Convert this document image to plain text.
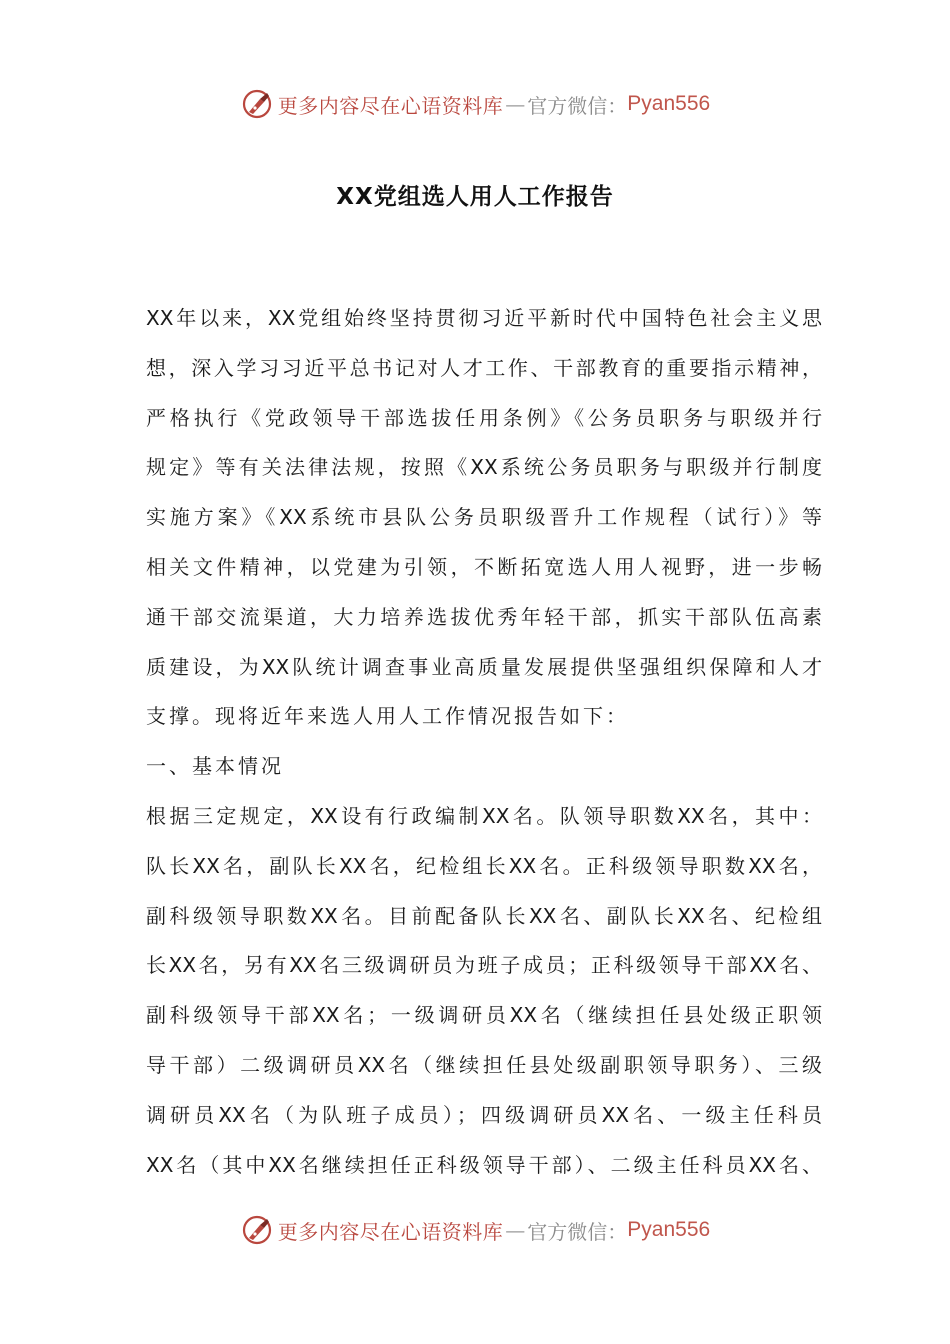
更多内容尽在心语资料库 — 官方微信： Pyan556
XX党组选人用人工作报告
XX年以来，XX党组始终坚持贯彻习近平新时代中国特色社会主义思
想，深入学习习近平总书记对人才工作、干部教育的重要指示精神，
严格执行《党政领导干部选拔任用条例》《公务员职务与职级并行
规定》等有关法律法规，按照《XX系统公务员职务与职级并行制度
实施方案》《XX系统市县队公务员职级晋升工作规程（试行）》等
相关文件精神，以党建为引领，不断拓宽选人用人视野，进一步畅
通干部交流渠道，大力培养选拔优秀年轻干部，抓实干部队伍高素
质建设，为XX队统计调查事业高质量发展提供坚强组织保障和人才
支撑。现将近年来选人用人工作情况报告如下：
一、基本情况
根据三定规定，XX设有行政编制XX名。队领导职数XX名，其中：
队长XX名，副队长XX名，纪检组长XX名。正科级领导职数XX名，
副科级领导职数XX名。目前配备队长XX名、副队长XX名、纪检组
长XX名，另有XX名三级调研员为班子成员；正科级领导干部XX名、
副科级领导干部XX名；一级调研员XX名（继续担任县处级正职领
导干部）二级调研员XX名（继续担任县处级副职领导职务）、三级
调研员XX名（为队班子成员）；四级调研员XX名、一级主任科员
XX名（其中XX名继续担任正科级领导干部）、二级主任科员XX名、
更多内容尽在心语资料库 — 官方微信： Pyan556
